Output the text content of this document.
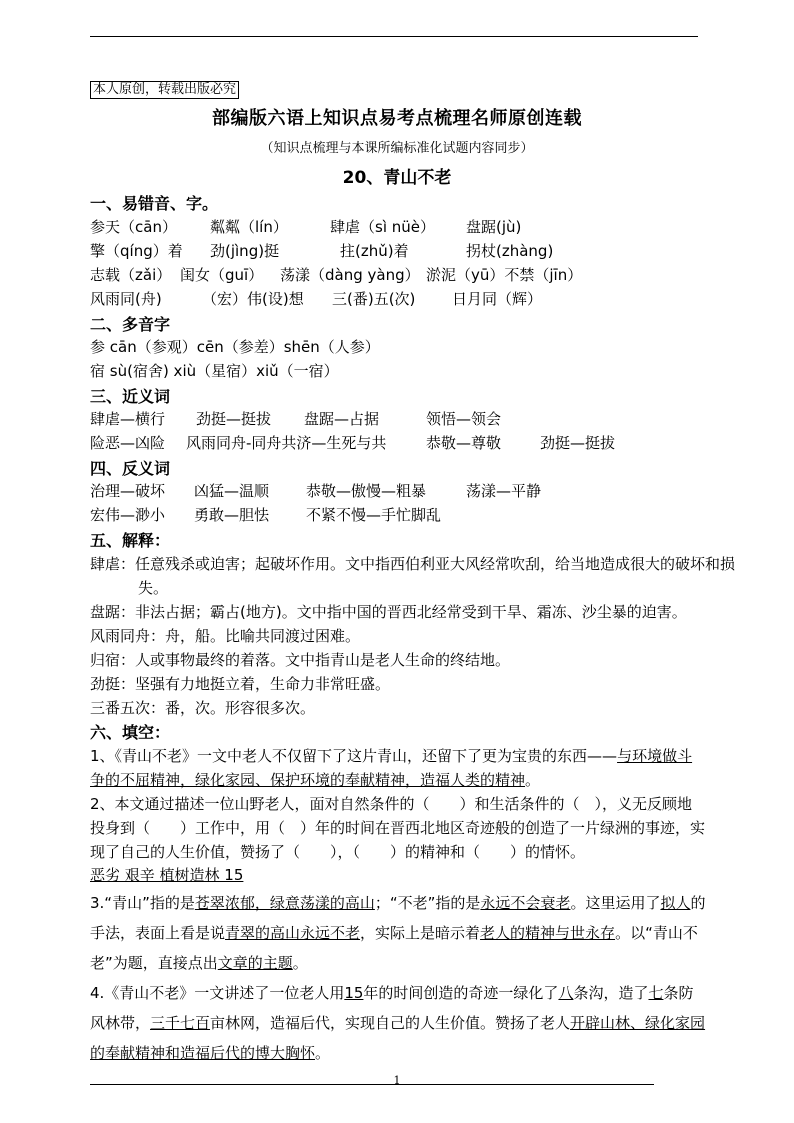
本人原创，转载出版必究
部编版六语上知识点易考点梳理名师原创连载
（知识点梳理与本课所编标准化试题内容同步）
20、青山不老
一、易错音、字。
参天（cān） 粼粼（lín）	肆虐（sì nüè） 盘踞(jù)
擎（qíng）着 劲(jìng)挺	拄(zhǔ)着	拐杖(zhàng)
志载（zǎi） 闺女（guī） 荡漾（dàng yàng） 淤泥（yū）不禁（jīn）
风雨同(舟)	（宏）伟(设)想 三(番)五(次) 日月同（辉）
二、多音字
参 cān（参观）cēn（参差）shēn（人参）
宿 sù(宿舍) xiù（星宿）xiǔ（一宿）
三、近义词
肆虐—横行 劲挺—挺拔 盘踞—占据	领悟—领会
险恶—凶险 风雨同舟-同舟共济—生死与共	恭敬—尊敬	劲挺—挺拔
四、反义词
治理—破坏 凶猛—温顺 恭敬—傲慢—粗暴	荡漾—平静
宏伟—渺小 勇敢—胆怯 不紧不慢—手忙脚乱
五、解释：
肆虐：任意残杀或迫害；起破坏作用。文中指西伯利亚大风经常吹刮，给当地造成很大的破坏和损失。
盘踞：非法占据；霸占(地方)。文中指中国的晋西北经常受到干旱、霜冻、沙尘暴的迫害。
风雨同舟：舟，船。比喻共同渡过困难。
归宿：人或事物最终的着落。文中指青山是老人生命的终结地。
劲挺：坚强有力地挺立着，生命力非常旺盛。
三番五次：番，次。形容很多次。
六、填空：
1、《青山不老》一文中老人不仅留下了这片青山，还留下了更为宝贵的东西——与环境做斗争的不屈精神，绿化家园、保护环境的奉献精神，造福人类的精神。
2、本文通过描述一位山野老人，面对自然条件的（　　）和生活条件的（　），义无反顾地投身到（　　）工作中，用（　）年的时间在晋西北地区奇迹般的创造了一片绿洲的事迹，实现了自己的人生价值，赞扬了（　　），（　　）的精神和（　　）的情怀。
恶劣 艰辛 植树造林 15
3.“青山”指的是苍翠浓郁，绿意荡漾的高山；“不老”指的是永远不会衰老。这里运用了拟人的手法，表面上看是说青翠的高山永远不老，实际上是暗示着老人的精神与世永存。以“青山不老”为题，直接点出文章的主题。
4.《青山不老》一文讲述了一位老人用15年的时间创造的奇迹一绿化了八条沟，造了七条防风林带，三千七百亩林网，造福后代，实现自己的人生价值。赞扬了老人开辟山林、绿化家园的奉献精神和造福后代的博大胸怀。
1
